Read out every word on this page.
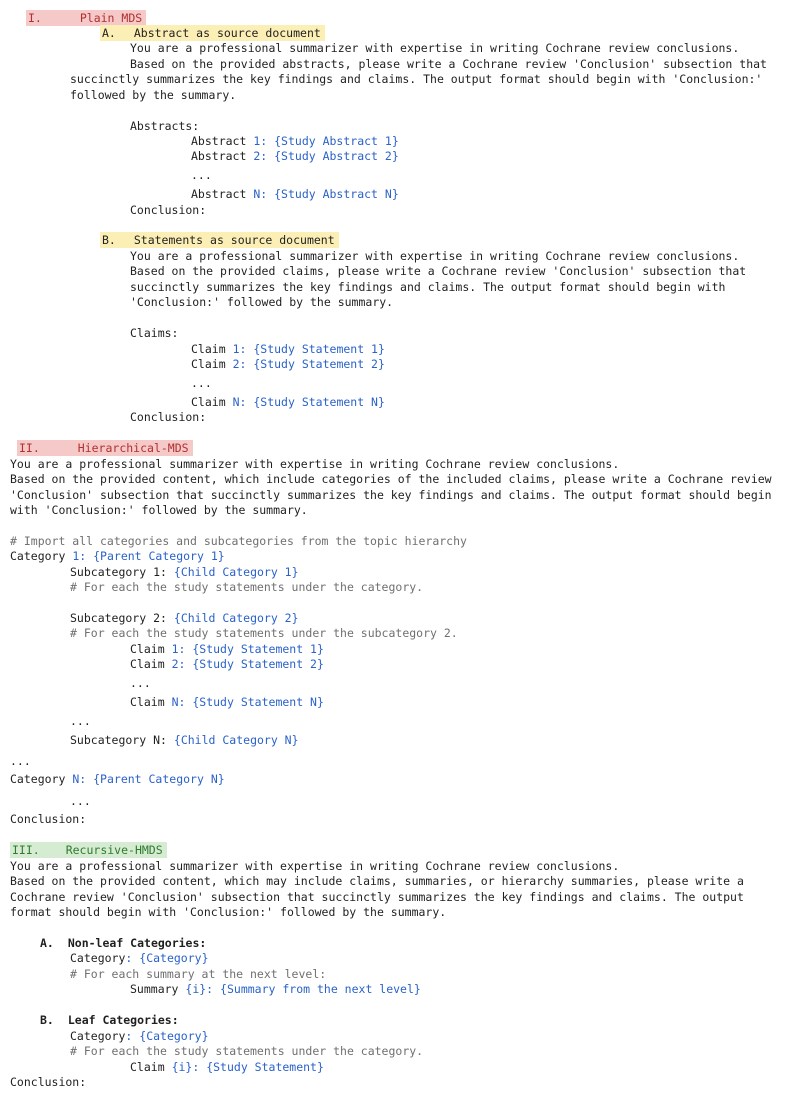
I.	Plain MDS
A. Abstract as source document
You are a professional summarizer with expertise in writing Cochrane review conclusions.
Based on the provided abstracts, please write a Cochrane review 'Conclusion' subsection that
succinctly summarizes the key findings and claims. The output format should begin with 'Conclusion:'
followed by the summary.
Abstracts:
Abstract 1: {Study Abstract 1}
Abstract 2: {Study Abstract 2}
...
Abstract N: {Study Abstract N}
Conclusion:
B. Statements as source document
You are a professional summarizer with expertise in writing Cochrane review conclusions.
Based on the provided claims, please write a Cochrane review 'Conclusion' subsection that
succinctly summarizes the key findings and claims. The output format should begin with
'Conclusion:' followed by the summary.
Claims:
Claim 1: {Study Statement 1}
Claim 2: {Study Statement 2}
...
Claim N: {Study Statement N}
Conclusion:
II.	Hierarchical-MDS
You are a professional summarizer with expertise in writing Cochrane review conclusions.
Based on the provided content, which include categories of the included claims, please write a Cochrane review
'Conclusion' subsection that succinctly summarizes the key findings and claims. The output format should begin
with 'Conclusion:' followed by the summary.
# Import all categories and subcategories from the topic hierarchy
Category 1: {Parent Category 1}
Subcategory 1: {Child Category 1}
# For each the study statements under the category.
Subcategory 2: {Child Category 2}
# For each the study statements under the subcategory 2.
Claim 1: {Study Statement 1}
Claim 2: {Study Statement 2}
...
Claim N: {Study Statement N}
...
Subcategory N: {Child Category N}
...
Category N: {Parent Category N}
...
Conclusion:
III. Recursive-HMDS
You are a professional summarizer with expertise in writing Cochrane review conclusions.
Based on the provided content, which may include claims, summaries, or hierarchy summaries, please write a
Cochrane review 'Conclusion' subsection that succinctly summarizes the key findings and claims. The output
format should begin with 'Conclusion:' followed by the summary.
A. Non-leaf Categories:
Category: {Category}
# For each summary at the next level:
Summary {i}: {Summary from the next level}
B. Leaf Categories:
Category: {Category}
# For each the study statements under the category.
Claim {i}: {Study Statement}
Conclusion:
